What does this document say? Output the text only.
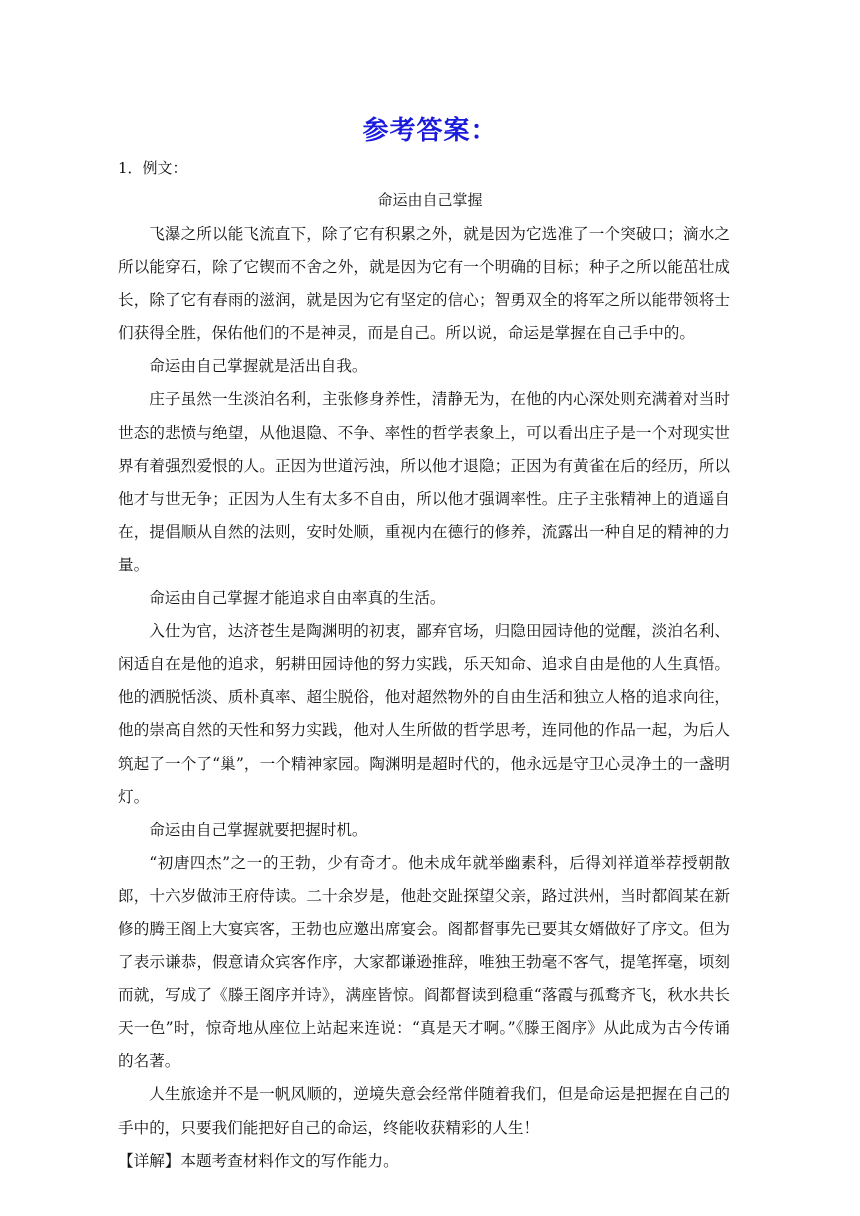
参考答案：
1．例文：
命运由自己掌握

飞瀑之所以能飞流直下，除了它有积累之外，就是因为它选准了一个突破口；滴水之所以能穿石，除了它锲而不舍之外，就是因为它有一个明确的目标；种子之所以能茁壮成长，除了它有春雨的滋润，就是因为它有坚定的信心；智勇双全的将军之所以能带领将士们获得全胜，保佑他们的不是神灵，而是自己。所以说，命运是掌握在自己手中的。

命运由自己掌握就是活出自我。

庄子虽然一生淡泊名利，主张修身养性，清静无为，在他的内心深处则充满着对当时世态的悲愤与绝望，从他退隐、不争、率性的哲学表象上，可以看出庄子是一个对现实世界有着强烈爱恨的人。正因为世道污浊，所以他才退隐；正因为有黄雀在后的经历，所以他才与世无争；正因为人生有太多不自由，所以他才强调率性。庄子主张精神上的逍遥自在，提倡顺从自然的法则，安时处顺，重视内在德行的修养，流露出一种自足的精神的力量。

命运由自己掌握才能追求自由率真的生活。

入仕为官，达济苍生是陶渊明的初衷，鄙弃官场，归隐田园诗他的觉醒，淡泊名利、闲适自在是他的追求，躬耕田园诗他的努力实践，乐天知命、追求自由是他的人生真悟。他的洒脱恬淡、质朴真率、超尘脱俗，他对超然物外的自由生活和独立人格的追求向往，他的崇高自然的天性和努力实践，他对人生所做的哲学思考，连同他的作品一起，为后人筑起了一个了“巢”，一个精神家园。陶渊明是超时代的，他永远是守卫心灵净土的一盏明灯。

命运由自己掌握就要把握时机。

“初唐四杰”之一的王勃，少有奇才。他未成年就举幽素科，后得刘祥道举荐授朝散郎，十六岁做沛王府侍读。二十余岁是，他赴交趾探望父亲，路过洪州，当时都阎某在新修的腾王阁上大宴宾客，王勃也应邀出席宴会。阁都督事先已要其女婿做好了序文。但为了表示谦恭，假意请众宾客作序，大家都谦逊推辞，唯独王勃毫不客气，提笔挥毫，顷刻而就，写成了《滕王阁序并诗》，满座皆惊。阎都督读到稳重“落霞与孤鹜齐飞，秋水共长天一色”时，惊奇地从座位上站起来连说：“真是天才啊。”《滕王阁序》从此成为古今传诵的名著。

人生旅途并不是一帆风顺的，逆境失意会经常伴随着我们，但是命运是把握在自己的手中的，只要我们能把好自己的命运，终能收获精彩的人生！

【详解】本题考查材料作文的写作能力。
